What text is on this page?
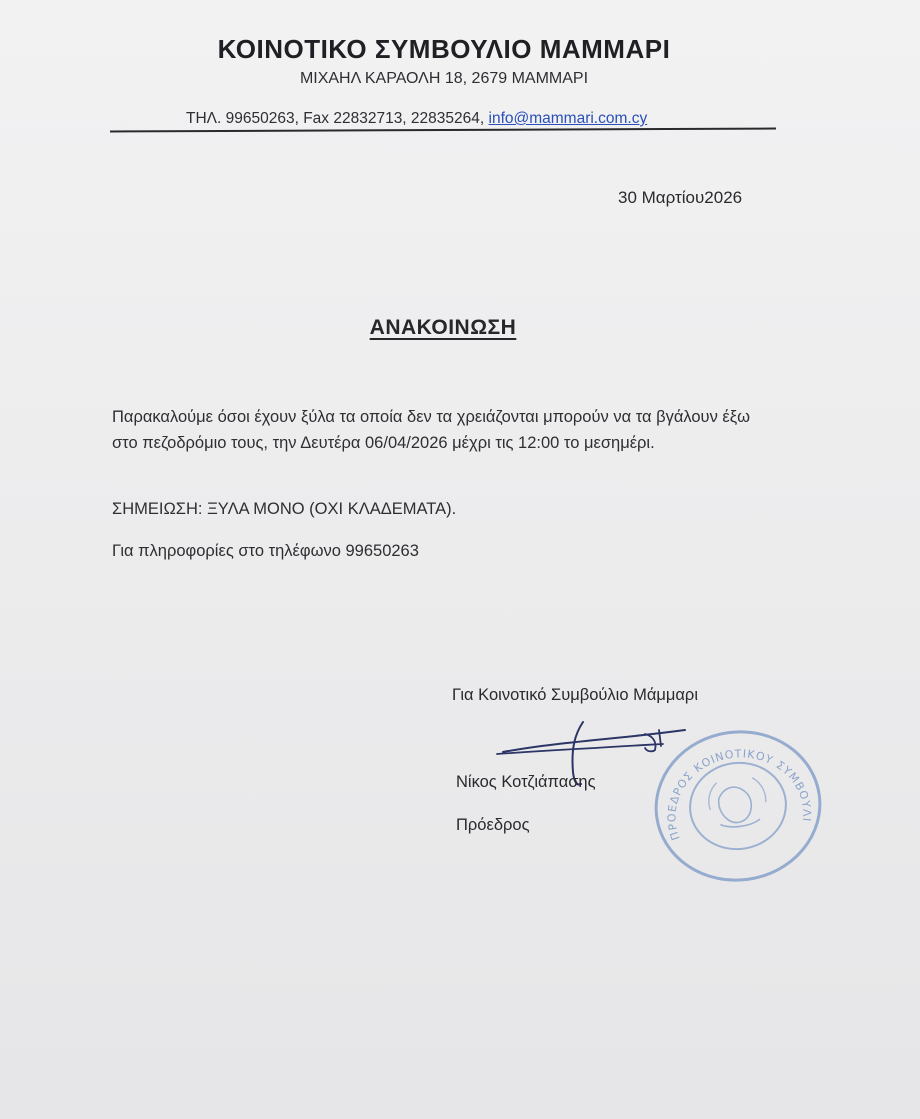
ΚΟΙΝΟΤΙΚΟ ΣΥΜΒΟΥΛΙΟ ΜΑΜΜΑΡΙ
ΜΙΧΑΗΛ ΚΑΡΑΟΛΗ 18, 2679 ΜΑΜΜΑΡΙ
ΤΗΛ. 99650263, Fax 22832713, 22835264, info@mammari.com.cy
30 Μαρτίου2026
ΑΝΑΚΟΙΝΩΣΗ
Παρακαλούμε όσοι έχουν ξύλα τα οποία δεν τα χρειάζονται μπορούν να τα βγάλουν έξω στο πεζοδρόμιο τους, την Δευτέρα 06/04/2026 μέχρι τις 12:00 το μεσημέρι.
ΣΗΜΕΙΩΣΗ: ΞΥΛΑ ΜΟΝΟ (ΟΧΙ ΚΛΑΔΕΜΑΤΑ).
Για πληροφορίες στο τηλέφωνο 99650263
Για Κοινοτικό Συμβούλιο Μάμμαρι
Νίκος Κοτζιάπασης
Πρόεδρος
ΠΡΟΕΔΡΟΣ ΚΟΙΝΟΤΙΚΟΥ ΣΥΜΒΟΥΛΙΟΥ
